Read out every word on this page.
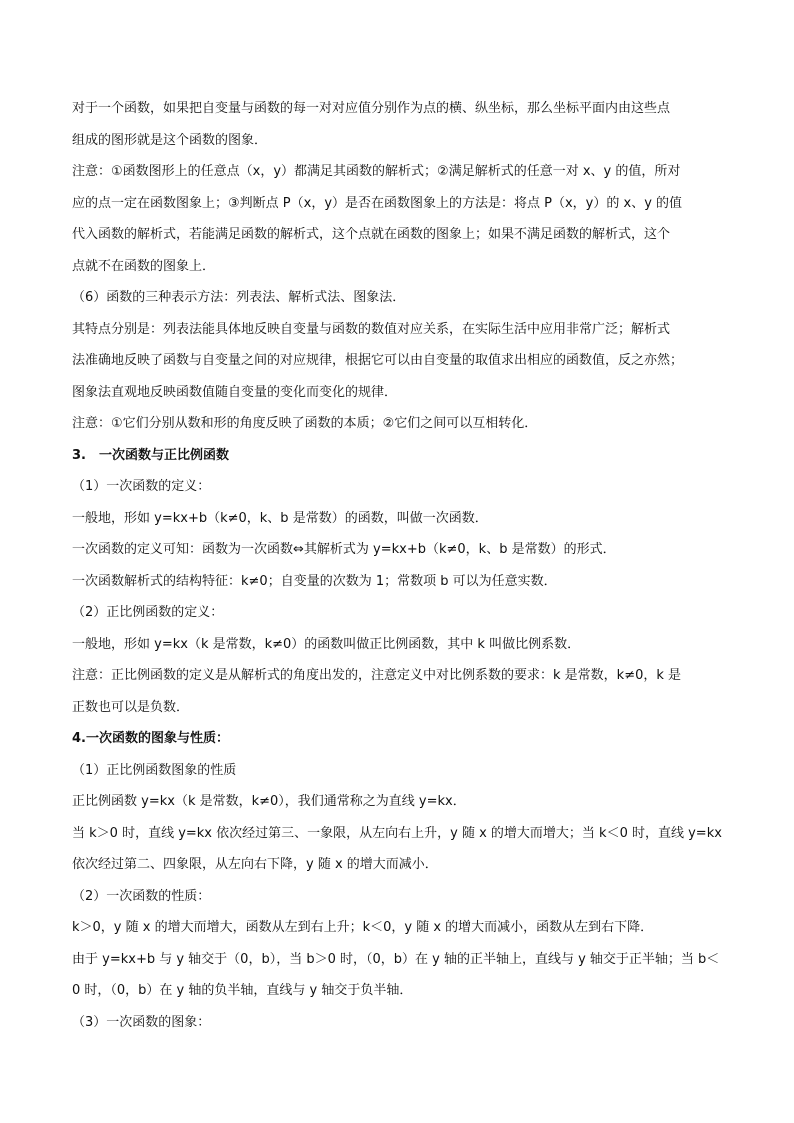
对于一个函数，如果把自变量与函数的每一对对应值分别作为点的横、纵坐标，那么坐标平面内由这些点
组成的图形就是这个函数的图象．

注意：①函数图形上的任意点（x，y）都满足其函数的解析式；②满足解析式的任意一对 x、y 的值，所对
应的点一定在函数图象上；③判断点 P（x，y）是否在函数图象上的方法是：将点 P（x，y）的 x、y 的值
代入函数的解析式，若能满足函数的解析式，这个点就在函数的图象上；如果不满足函数的解析式，这个
点就不在函数的图象上．

（6）函数的三种表示方法：列表法、解析式法、图象法．

其特点分别是：列表法能具体地反映自变量与函数的数值对应关系，在实际生活中应用非常广泛；解析式
法准确地反映了函数与自变量之间的对应规律，根据它可以由自变量的取值求出相应的函数值，反之亦然；
图象法直观地反映函数值随自变量的变化而变化的规律．

注意：①它们分别从数和形的角度反映了函数的本质；②它们之间可以互相转化．

3.　一次函数与正比例函数

（1）一次函数的定义：

一般地，形如 y=kx+b（k≠0，k、b 是常数）的函数，叫做一次函数．

一次函数的定义可知：函数为一次函数⇔其解析式为 y=kx+b（k≠0，k、b 是常数）的形式．

一次函数解析式的结构特征：k≠0；自变量的次数为 1；常数项 b 可以为任意实数．

（2）正比例函数的定义：

一般地，形如 y=kx（k 是常数，k≠0）的函数叫做正比例函数，其中 k 叫做比例系数．

注意：正比例函数的定义是从解析式的角度出发的，注意定义中对比例系数的要求：k 是常数，k≠0，k 是
正数也可以是负数．

4.一次函数的图象与性质：

（1）正比例函数图象的性质

正比例函数 y=kx（k 是常数，k≠0），我们通常称之为直线 y=kx．

当 k＞0 时，直线 y=kx 依次经过第三、一象限，从左向右上升，y 随 x 的增大而增大；当 k＜0 时，直线 y=kx
依次经过第二、四象限，从左向右下降，y 随 x 的增大而减小．

（2）一次函数的性质：

k＞0，y 随 x 的增大而增大，函数从左到右上升；k＜0，y 随 x 的增大而减小，函数从左到右下降．

由于 y=kx+b 与 y 轴交于（0，b），当 b＞0 时，（0，b）在 y 轴的正半轴上，直线与 y 轴交于正半轴；当 b＜
0 时，（0，b）在 y 轴的负半轴，直线与 y 轴交于负半轴．

（3）一次函数的图象：
